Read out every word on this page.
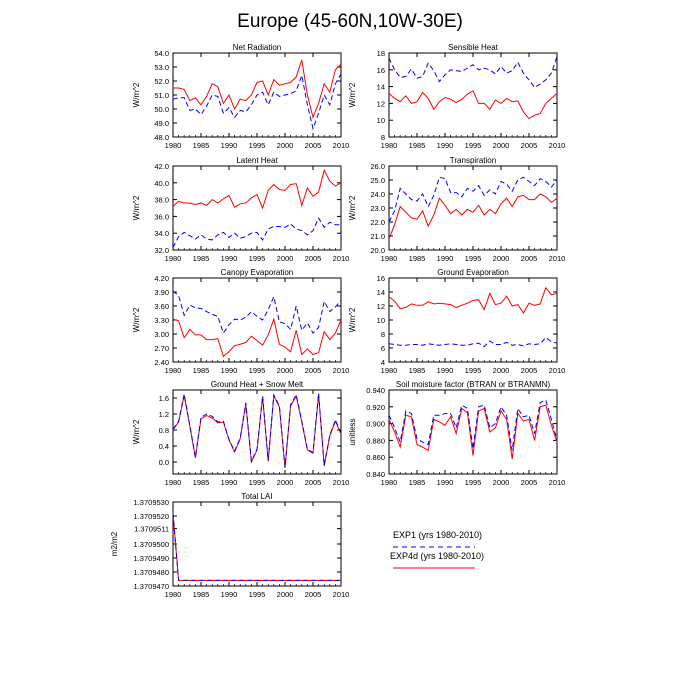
Europe (45-60N,10W-30E)
Net Radiation
W/m^2
1980 1985 1990 1995 2000 2005 2010
48.0
49.0
50.0
51.0
52.0
53.0
54.0
Sensible Heat
W/m^2
1980 1985 1990 1995 2000 2005 2010
8
10
12
14
16
18
Latent Heat
W/m^2
1980 1985 1990 1995 2000 2005 2010
32.0
34.0
36.0
38.0
40.0
42.0
Transpiration
W/m^2
1980 1985 1990 1995 2000 2005 2010
20.0
21.0
22.0
23.0
24.0
25.0
26.0
Canopy Evaporation
W/m^2
1980 1985 1990 1995 2000 2005 2010
2.40
2.70
3.00
3.30
3.60
3.90
4.20
Ground Evaporation
W/m^2
1980 1985 1990 1995 2000 2005 2010
4
6
8
10
12
14
16
Ground Heat + Snow Melt
W/m^2
1980 1985 1990 1995 2000 2005 2010
0.0
0.4
0.8
1.2
1.6
Soil moisture factor (BTRAN or BTRANMN)
unitless
1980 1985 1990 1995 2000 2005 2010
0.840
0.860
0.880
0.900
0.920
0.940
Total LAI
m2/m2
1980 1985 1990 1995 2000 2005 2010
1.3709470
1.3709480
1.3709490
1.3709500
1.3709511
1.3709520
1.3709530
EXP1 (yrs 1980-2010)
EXP4d (yrs 1980-2010)
